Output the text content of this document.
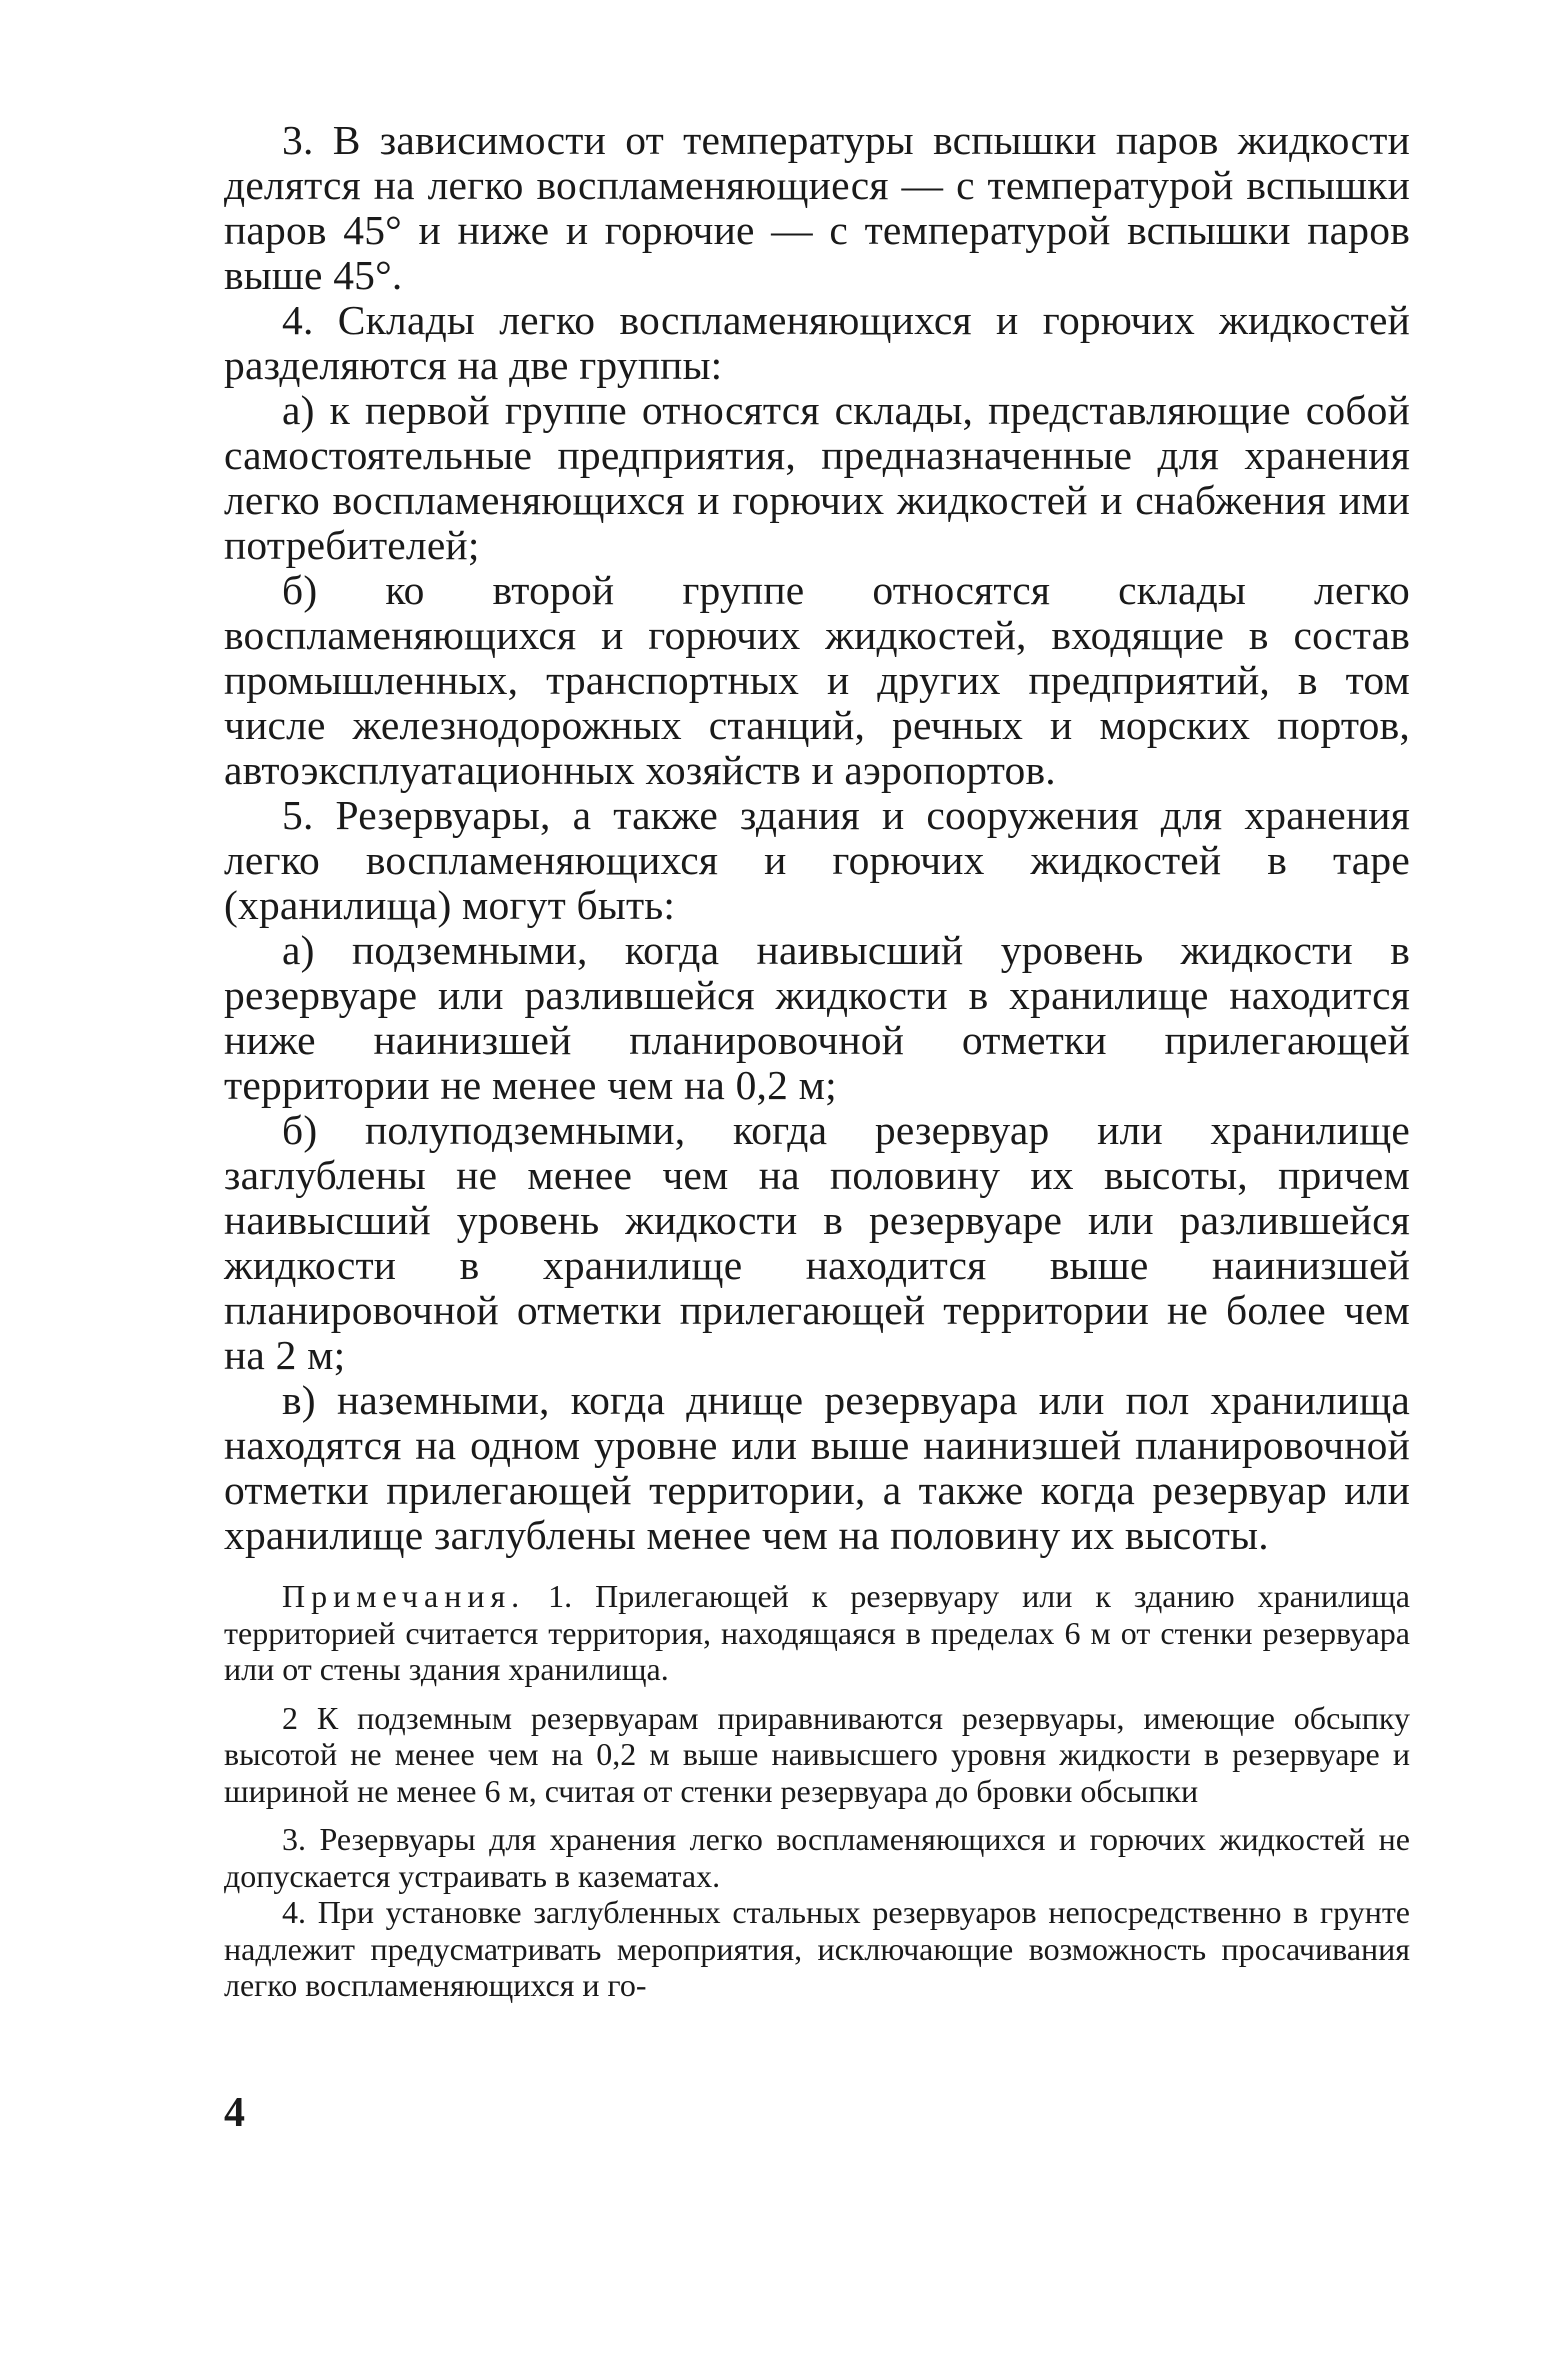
3. В зависимости от температуры вспышки паров жидкости делятся на легко воспламеняющиеся — с температурой вспышки паров 45° и ниже и горючие — с температурой вспышки паров выше 45°.

4. Склады легко воспламеняющихся и горючих жидкостей разделяются на две группы:

а) к первой группе относятся склады, представляющие собой самостоятельные предприятия, предназначенные для хранения легко воспламеняющихся и горючих жидкостей и снабжения ими потребителей;

б) ко второй группе относятся склады легко воспламеняющихся и горючих жидкостей, входящие в состав промышленных, транспортных и других предприятий, в том числе железнодорожных станций, речных и морских портов, автоэксплуатационных хозяйств и аэропортов.

5. Резервуары, а также здания и сооружения для хранения легко воспламеняющихся и горючих жидкостей в таре (хранилища) могут быть:

а) подземными, когда наивысший уровень жидкости в резервуаре или разлившейся жидкости в хранилище находится ниже наинизшей планировочной отметки прилегающей территории не менее чем на 0,2 м;

б) полуподземными, когда резервуар или хранилище заглублены не менее чем на половину их высоты, причем наивысший уровень жидкости в резервуаре или разлившейся жидкости в хранилище находится выше наинизшей планировочной отметки прилегающей территории не более чем на 2 м;

в) наземными, когда днище резервуара или пол хранилища находятся на одном уровне или выше наинизшей планировочной отметки прилегающей территории, а также когда резервуар или хранилище заглублены менее чем на половину их высоты.

Примечания. 1. Прилегающей к резервуару или к зданию хранилища территорией считается территория, находящаяся в пределах 6 м от стенки резервуара или от стены здания хранилища.

2 К подземным резервуарам приравниваются резервуары, имеющие обсыпку высотой не менее чем на 0,2 м выше наивысшего уровня жидкости в резервуаре и шириной не менее 6 м, считая от стенки резервуара до бровки обсыпки

3. Резервуары для хранения легко воспламеняющихся и горючих жидкостей не допускается устраивать в казематах.

4. При установке заглубленных стальных резервуаров непосредственно в грунте надлежит предусматривать мероприятия, исключающие возможность просачивания легко воспламеняющихся и го-

4
